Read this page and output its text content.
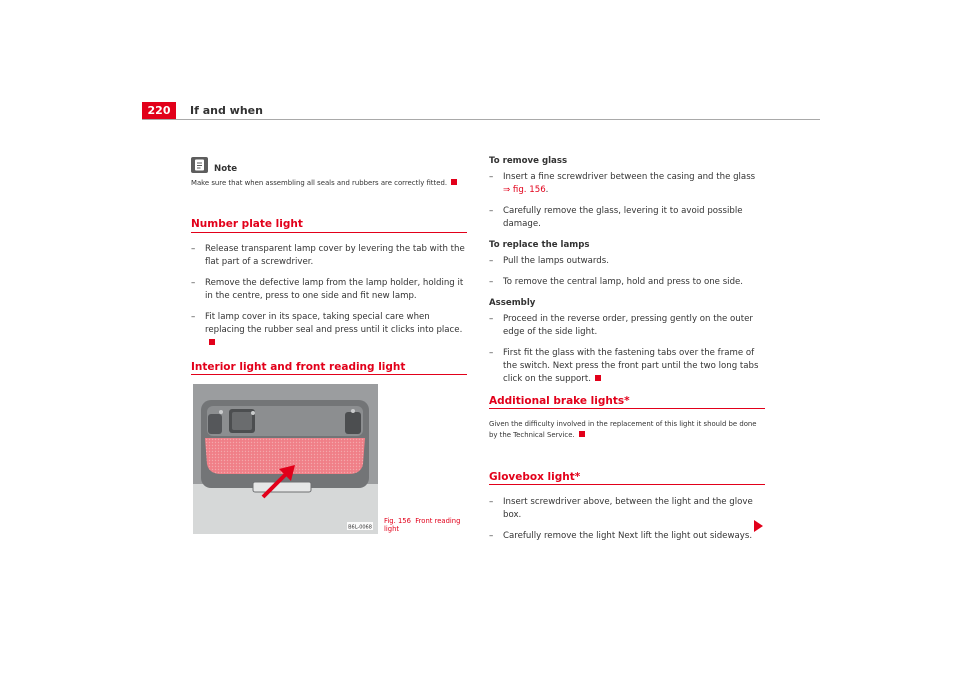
220	If and when
Note
Make sure that when assembling all seals and rubbers are correctly fitted.
Number plate light
– Release transparent lamp cover by levering the tab with the flat part of a screwdriver.
– Remove the defective lamp from the lamp holder, holding it in the centre, press to one side and fit new lamp.
– Fit lamp cover in its space, taking special care when replacing the rubber seal and press until it clicks into place.
Interior light and front reading light
B6L-0068
Fig. 156 Front reading light
To remove glass
– Insert a fine screwdriver between the casing and the glass
⇒ fig. 156.
– Carefully remove the glass, levering it to avoid possible damage.
To replace the lamps
– Pull the lamps outwards.
– To remove the central lamp, hold and press to one side.
Assembly
– Proceed in the reverse order, pressing gently on the outer edge of the side light.
– First fit the glass with the fastening tabs over the frame of the switch. Next press the front part until the two long tabs click on the support.
Additional brake lights*
Given the difficulty involved in the replacement of this light it should be done by the Technical Service.
Glovebox light*
– Insert screwdriver above, between the light and the glove box.
– Carefully remove the light Next lift the light out sideways.
